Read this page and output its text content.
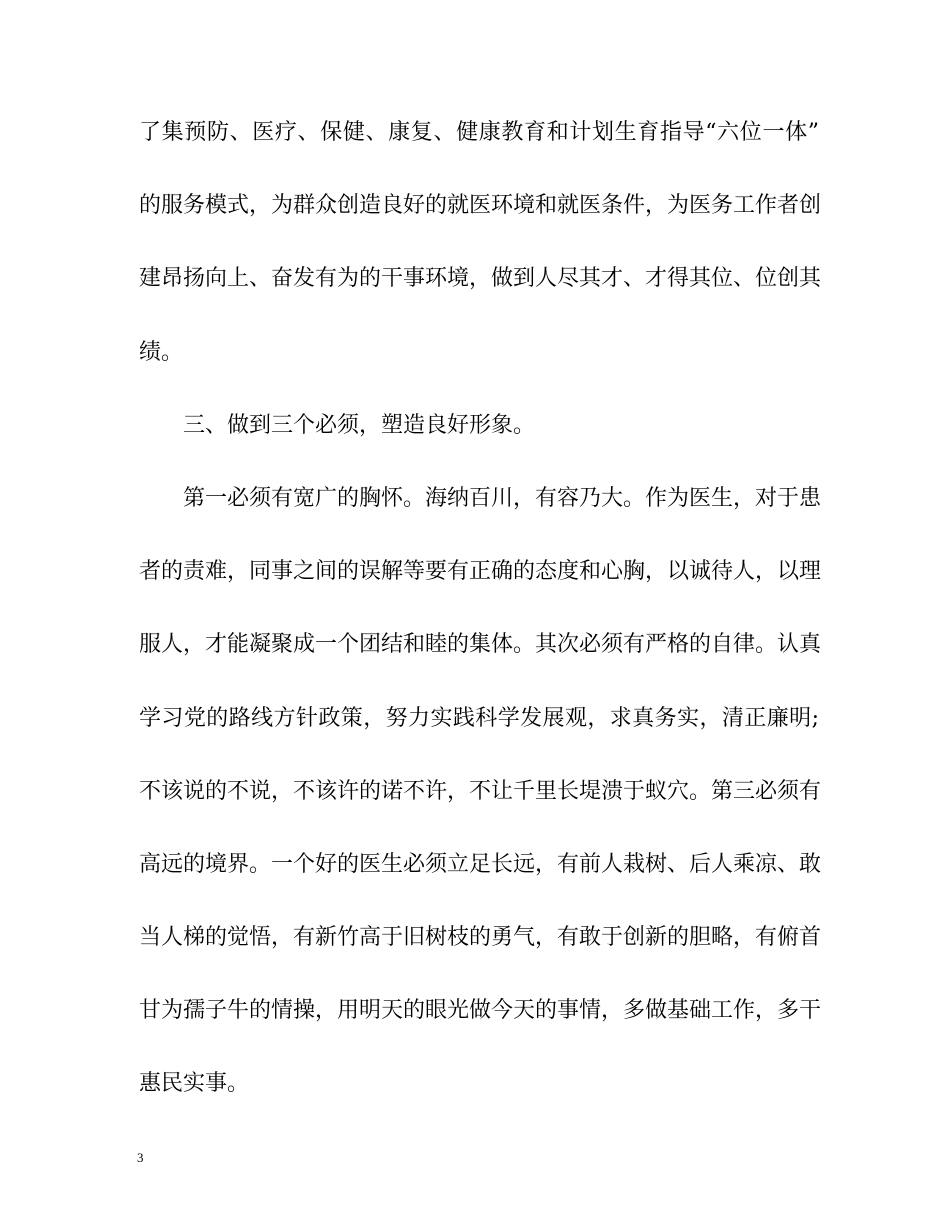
了集预防、医疗、保健、康复、健康教育和计划生育指导“六位一体”
的服务模式，为群众创造良好的就医环境和就医条件，为医务工作者创
建昂扬向上、奋发有为的干事环境，做到人尽其才、才得其位、位创其
绩。
三、做到三个必须，塑造良好形象。
第一必须有宽广的胸怀。海纳百川，有容乃大。作为医生，对于患
者的责难，同事之间的误解等要有正确的态度和心胸，以诚待人，以理
服人，才能凝聚成一个团结和睦的集体。其次必须有严格的自律。认真
学习党的路线方针政策，努力实践科学发展观，求真务实，清正廉明;
不该说的不说，不该许的诺不许，不让千里长堤溃于蚁穴。第三必须有
高远的境界。一个好的医生必须立足长远，有前人栽树、后人乘凉、敢
当人梯的觉悟，有新竹高于旧树枝的勇气，有敢于创新的胆略，有俯首
甘为孺子牛的情操，用明天的眼光做今天的事情，多做基础工作，多干
惠民实事。
3
